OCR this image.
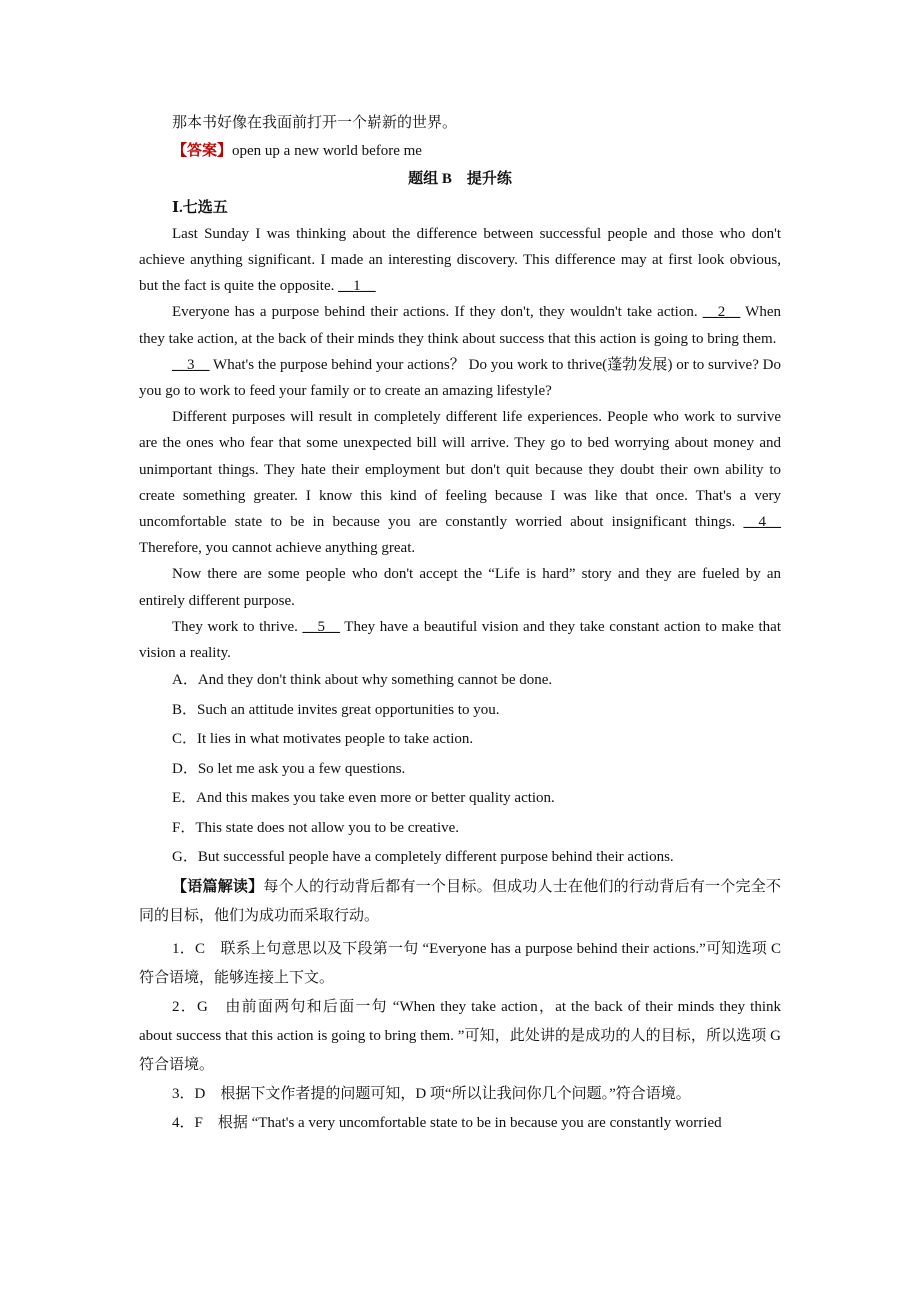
那本书好像在我面前打开一个崭新的世界。

【答案】open up a new world before me

题组 B　提升练

Ⅰ.七选五

Last Sunday I was thinking about the difference between successful people and those who don't achieve anything significant. I made an interesting discovery. This difference may at first look obvious, but the fact is quite the opposite. __1__

Everyone has a purpose behind their actions. If they don't, they wouldn't take action. __2__ When they take action, at the back of their minds they think about success that this action is going to bring them.

__3__ What's the purpose behind your actions？ Do you work to thrive(蓬勃发展) or to survive? Do you go to work to feed your family or to create an amazing lifestyle?

Different purposes will result in completely different life experiences. People who work to survive are the ones who fear that some unexpected bill will arrive. They go to bed worrying about money and unimportant things. They hate their employment but don't quit because they doubt their own ability to create something greater. I know this kind of feeling because I was like that once. That's a very uncomfortable state to be in because you are constantly worried about insignificant things. __4__ Therefore, you cannot achieve anything great.

Now there are some people who don't accept the “Life is hard” story and they are fueled by an entirely different purpose.

They work to thrive. __5__ They have a beautiful vision and they take constant action to make that vision a reality.

A．And they don't think about why something cannot be done.

B．Such an attitude invites great opportunities to you.

C．It lies in what motivates people to take action.

D．So let me ask you a few questions.

E．And this makes you take even more or better quality action.

F．This state does not allow you to be creative.

G．But successful people have a completely different purpose behind their actions.

【语篇解读】每个人的行动背后都有一个目标。但成功人士在他们的行动背后有一个完全不同的目标，他们为成功而采取行动。

1．C　联系上句意思以及下段第一句 “Everyone has a purpose behind their actions.”可知选项 C 符合语境，能够连接上下文。

2．G　由前面两句和后面一句 “When they take action，at the back of their minds they think about success that this action is going to bring them. ”可知，此处讲的是成功的人的目标，所以选项 G 符合语境。

3．D　根据下文作者提的问题可知，D 项“所以让我问你几个问题。”符合语境。

4．F　根据 “That's a very uncomfortable state to be in because you are constantly worried
